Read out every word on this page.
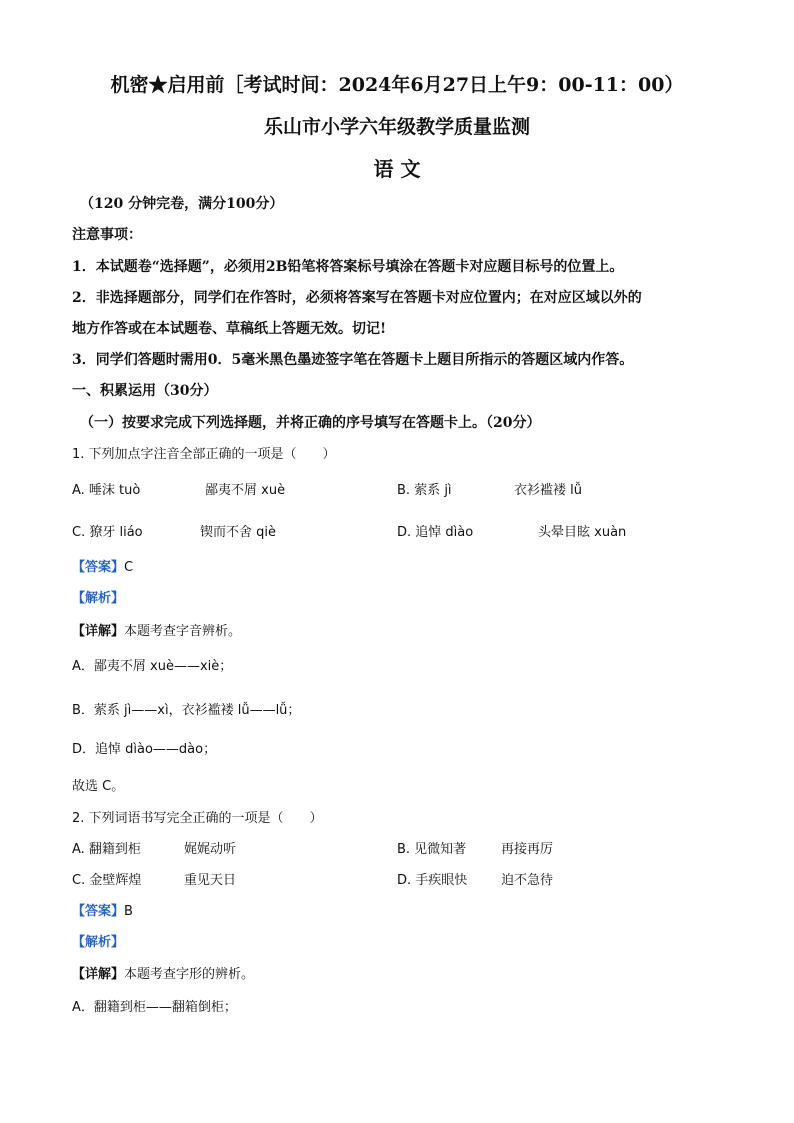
机密★启用前［考试时间：2024年6月27日上午9：00-11：00）
乐山市小学六年级教学质量监测
语 文
（120 分钟完卷，满分100分）
注意事项：
1．本试题卷“选择题”，必须用2B铅笔将答案标号填涂在答题卡对应题目标号的位置上。
2．非选择题部分，同学们在作答时，必须将答案写在答题卡对应位置内；在对应区域以外的
地方作答或在本试题卷、草稿纸上答题无效。切记!
3．同学们答题时需用0．5毫米黑色墨迹签字笔在答题卡上题目所指示的答题区域内作答。
一、积累运用（30分）
（一）按要求完成下列选择题，并将正确的序号填写在答题卡上。（20分）
1. 下列加点字注音全部正确的一项是（　　）
A. 唾沫 tuò	鄙夷不屑 xuè	B. 萦系 jì	衣衫褴褛 lǚ
C. 獠牙 liáo	锲而不舍 qiè	D. 追悼 dìào	头晕目眩 xuàn
【答案】C
【解析】
【详解】本题考查字音辨析。
A．鄙夷不屑 xuè——xiè；
B．萦系 jì——xì，衣衫褴褛 lǚ——lǚ；
D．追悼 dìào——dào；
故选 C。
2. 下列词语书写完全正确的一项是（　　）
A. 翻籍到柜	娓娓动听	B. 见微知著	再接再厉
C. 金壁辉煌	重见天日	D. 手疾眼快	迫不急待
【答案】B
【解析】
【详解】本题考查字形的辨析。
A．翻籍到柜——翻箱倒柜；
